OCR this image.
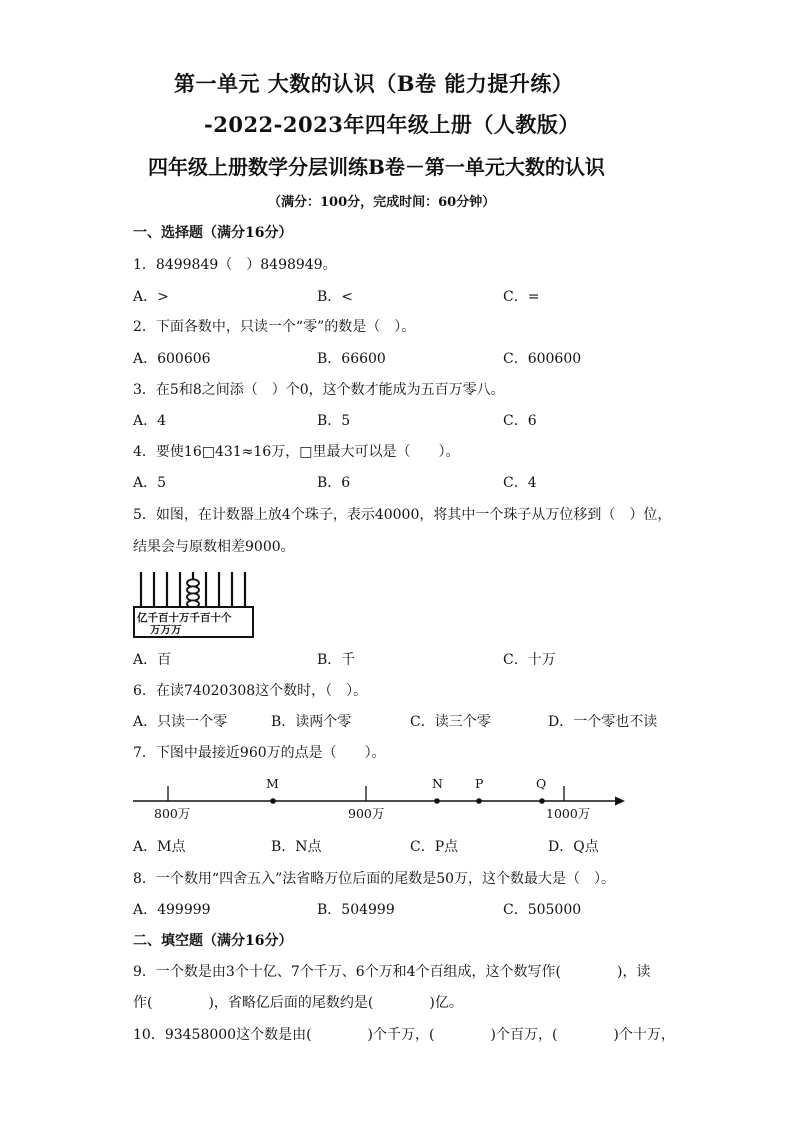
第一单元 大数的认识（B卷 能力提升练）
-2022-2023年四年级上册（人教版）
四年级上册数学分层训练B卷－第一单元大数的认识
（满分：100分，完成时间：60分钟）
一、选择题（满分16分）
1．8499849（　）8498949。
A．>	B．<	C．=
2．下面各数中，只读一个“零”的数是（　）。
A．600606	B．66600	C．600600
3．在5和8之间添（　）个0，这个数才能成为五百万零八。
A．4	B．5	C．6
4．要使16□431≈16万，□里最大可以是（　　）。
A．5	B．6	C．4
5．如图，在计数器上放4个珠子，表示40000，将其中一个珠子从万位移到（　）位，
结果会与原数相差9000。
亿千百十万千百十个
万万万
A．百	B．千	C．十万
6．在读74020308这个数时，（　）。
A．只读一个零	B．读两个零	C．读三个零	D．一个零也不读
7．下图中最接近960万的点是（　　）。
800万	900万	1000万
M	N	P	Q
A．M点	B．N点	C．P点	D．Q点
8．一个数用“四舍五入”法省略万位后面的尾数是50万，这个数最大是（　）。
A．499999	B．504999	C．505000
二、填空题（满分16分）
9．一个数是由3个十亿、7个千万、6个万和4个百组成，这个数写作(	)，读
作(	)，省略亿后面的尾数约是(	)亿。
10．93458000这个数是由(	)个千万，(	)个百万，(	)个十万，
